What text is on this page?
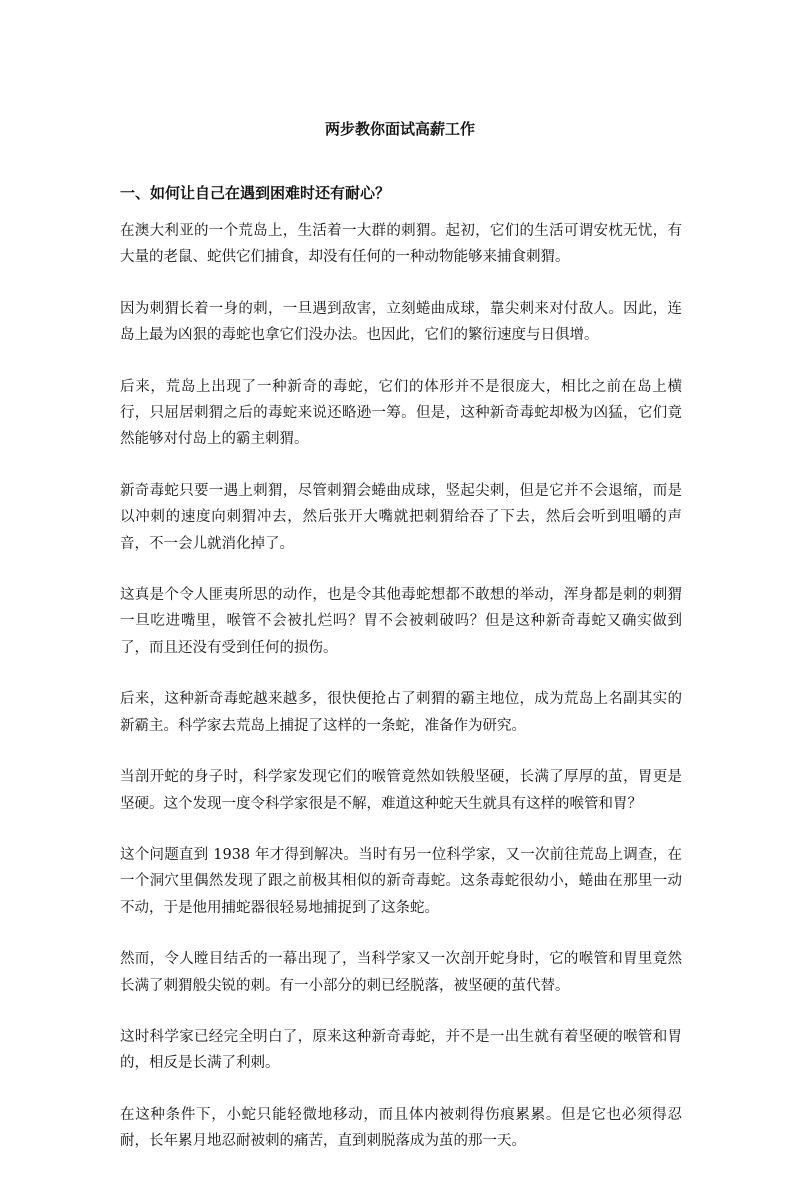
两步教你面试高薪工作
一、如何让自己在遇到困难时还有耐心？

在澳大利亚的一个荒岛上，生活着一大群的刺猬。起初，它们的生活可谓安枕无忧，有大量的老鼠、蛇供它们捕食，却没有任何的一种动物能够来捕食刺猬。

因为刺猬长着一身的刺，一旦遇到敌害，立刻蜷曲成球，靠尖刺来对付敌人。因此，连岛上最为凶狠的毒蛇也拿它们没办法。也因此，它们的繁衍速度与日俱增。

后来，荒岛上出现了一种新奇的毒蛇，它们的体形并不是很庞大，相比之前在岛上横行，只屈居刺猬之后的毒蛇来说还略逊一筹。但是，这种新奇毒蛇却极为凶猛，它们竟然能够对付岛上的霸主刺猬。

新奇毒蛇只要一遇上刺猬，尽管刺猬会蜷曲成球，竖起尖刺，但是它并不会退缩，而是以冲刺的速度向刺猬冲去，然后张开大嘴就把刺猬给吞了下去，然后会听到咀嚼的声音，不一会儿就消化掉了。

这真是个令人匪夷所思的动作，也是令其他毒蛇想都不敢想的举动，浑身都是刺的刺猬一旦吃进嘴里，喉管不会被扎烂吗？胃不会被刺破吗？但是这种新奇毒蛇又确实做到了，而且还没有受到任何的损伤。

后来，这种新奇毒蛇越来越多，很快便抢占了刺猬的霸主地位，成为荒岛上名副其实的新霸主。科学家去荒岛上捕捉了这样的一条蛇，准备作为研究。

当剖开蛇的身子时，科学家发现它们的喉管竟然如铁般坚硬，长满了厚厚的茧，胃更是坚硬。这个发现一度令科学家很是不解，难道这种蛇天生就具有这样的喉管和胃？

这个问题直到 1938 年才得到解决。当时有另一位科学家，又一次前往荒岛上调查，在一个洞穴里偶然发现了跟之前极其相似的新奇毒蛇。这条毒蛇很幼小，蜷曲在那里一动不动，于是他用捕蛇器很轻易地捕捉到了这条蛇。

然而，令人瞠目结舌的一幕出现了，当科学家又一次剖开蛇身时，它的喉管和胃里竟然长满了刺猬般尖锐的刺。有一小部分的刺已经脱落，被坚硬的茧代替。

这时科学家已经完全明白了，原来这种新奇毒蛇，并不是一出生就有着坚硬的喉管和胃的，相反是长满了利刺。

在这种条件下，小蛇只能轻微地移动，而且体内被刺得伤痕累累。但是它也必须得忍耐，长年累月地忍耐被刺的痛苦，直到刺脱落成为茧的那一天。
